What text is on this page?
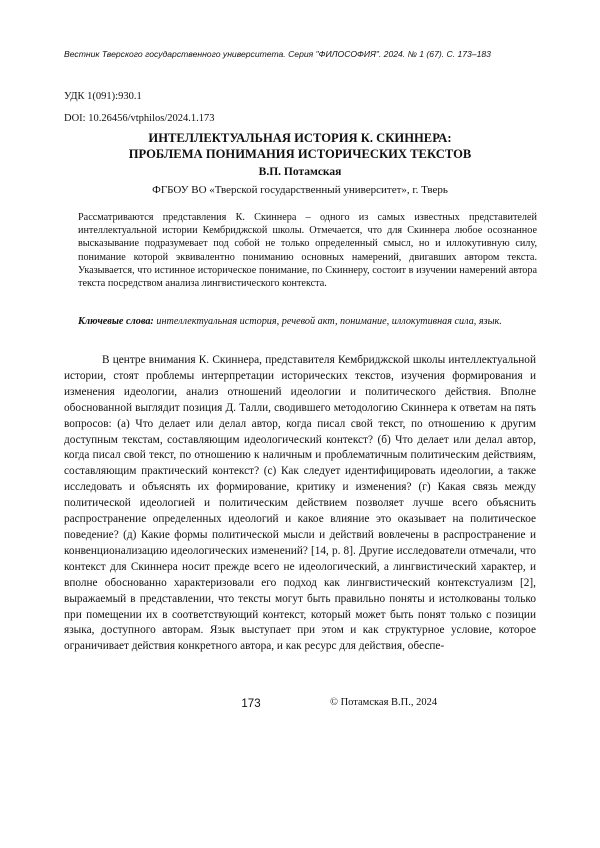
Вестник Тверского государственного университета. Серия "ФИЛОСОФИЯ". 2024. № 1 (67). С. 173–183
УДК 1(091):930.1
DOI: 10.26456/vtphilos/2024.1.173
ИНТЕЛЛЕКТУАЛЬНАЯ ИСТОРИЯ К. СКИННЕРА:
ПРОБЛЕМА ПОНИМАНИЯ ИСТОРИЧЕСКИХ ТЕКСТОВ
В.П. Потамская
ФГБОУ ВО «Тверской государственный университет», г. Тверь
Рассматриваются представления К. Скиннера – одного из самых известных представителей интеллектуальной истории Кембриджской школы. Отмечается, что для Скиннера любое осознанное высказывание подразумевает под собой не только определенный смысл, но и иллокутивную силу, понимание которой эквивалентно пониманию основных намерений, двигавших автором текста. Указывается, что истинное историческое понимание, по Скиннеру, состоит в изучении намерений автора текста посредством анализа лингвистического контекста.
Ключевые слова: интеллектуальная история, речевой акт, понимание, иллокутивная сила, язык.

В центре внимания К. Скиннера, представителя Кембриджской школы интеллектуальной истории, стоят проблемы интерпретации исторических текстов, изучения формирования и изменения идеологии, анализ отношений идеологии и политического действия. Вполне обоснованной выглядит позиция Д. Талли, сводившего методологию Скиннера к ответам на пять вопросов: (а) Что делает или делал автор, когда писал свой текст, по отношению к другим доступным текстам, составляющим идеологический контекст? (б) Что делает или делал автор, когда писал свой текст, по отношению к наличным и проблематичным политическим действиям, составляющим практический контекст? (с) Как следует идентифицировать идеологии, а также исследовать и объяснять их формирование, критику и изменения? (г) Какая связь между политической идеологией и политическим действием позволяет лучше всего объяснить распространение определенных идеологий и какое влияние это оказывает на политическое поведение? (д) Какие формы политической мысли и действий вовлечены в распространение и конвенционализацию идеологических изменений? [14, р. 8]. Другие исследователи отмечали, что контекст для Скиннера носит прежде всего не идеологический, а лингвистический характер, и вполне обоснованно характеризовали его подход как лингвистический контекстуализм [2], выражаемый в представлении, что тексты могут быть правильно поняты и истолкованы только при помещении их в соответствующий контекст, который может быть понят только с позиции языка, доступного авторам. Язык выступает при этом и как структурное условие, которое ограничивает действия конкретного автора, и как ресурс для действия, обеспе-

173	© Потамская В.П., 2024
